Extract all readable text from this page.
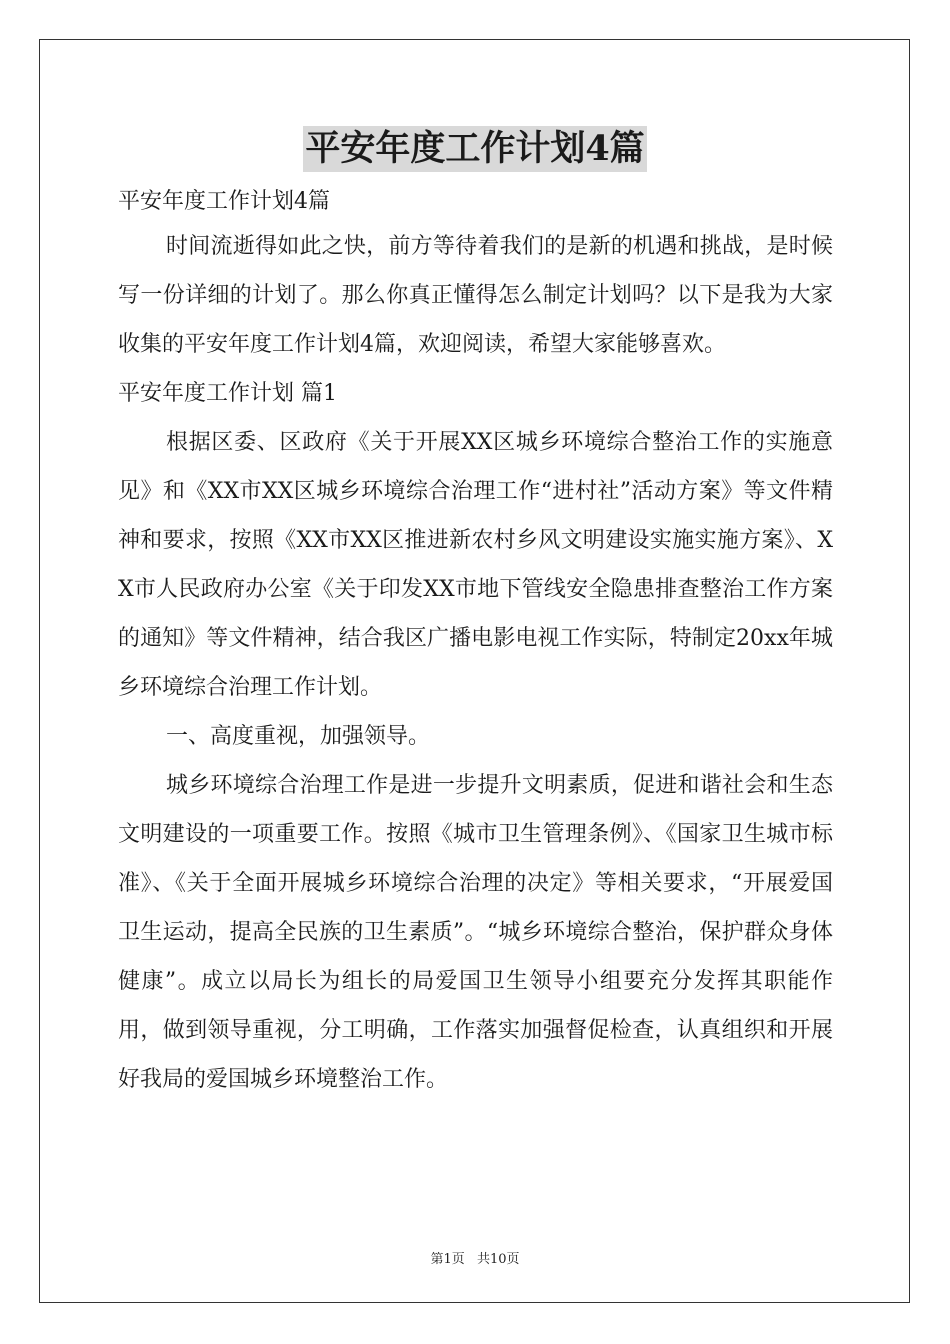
平安年度工作计划4篇

平安年度工作计划4篇

时间流逝得如此之快，前方等待着我们的是新的机遇和挑战，是时候写一份详细的计划了。那么你真正懂得怎么制定计划吗？以下是我为大家收集的平安年度工作计划4篇，欢迎阅读，希望大家能够喜欢。

平安年度工作计划 篇1

根据区委、区政府《关于开展XX区城乡环境综合整治工作的实施意见》和《XX市XX区城乡环境综合治理工作“进村社”活动方案》等文件精神和要求，按照《XX市XX区推进新农村乡风文明建设实施实施方案》、XX市人民政府办公室《关于印发XX市地下管线安全隐患排查整治工作方案的通知》等文件精神，结合我区广播电影电视工作实际，特制定20xx年城乡环境综合治理工作计划。

一、高度重视，加强领导。

城乡环境综合治理工作是进一步提升文明素质，促进和谐社会和生态文明建设的一项重要工作。按照《城市卫生管理条例》、《国家卫生城市标准》、《关于全面开展城乡环境综合治理的决定》等相关要求，“开展爱国卫生运动，提高全民族的卫生素质”。“城乡环境综合整治，保护群众身体健康”。成立以局长为组长的局爱国卫生领导小组要充分发挥其职能作用，做到领导重视，分工明确，工作落实加强督促检查，认真组织和开展好我局的爱国城乡环境整治工作。

第1页 共10页
